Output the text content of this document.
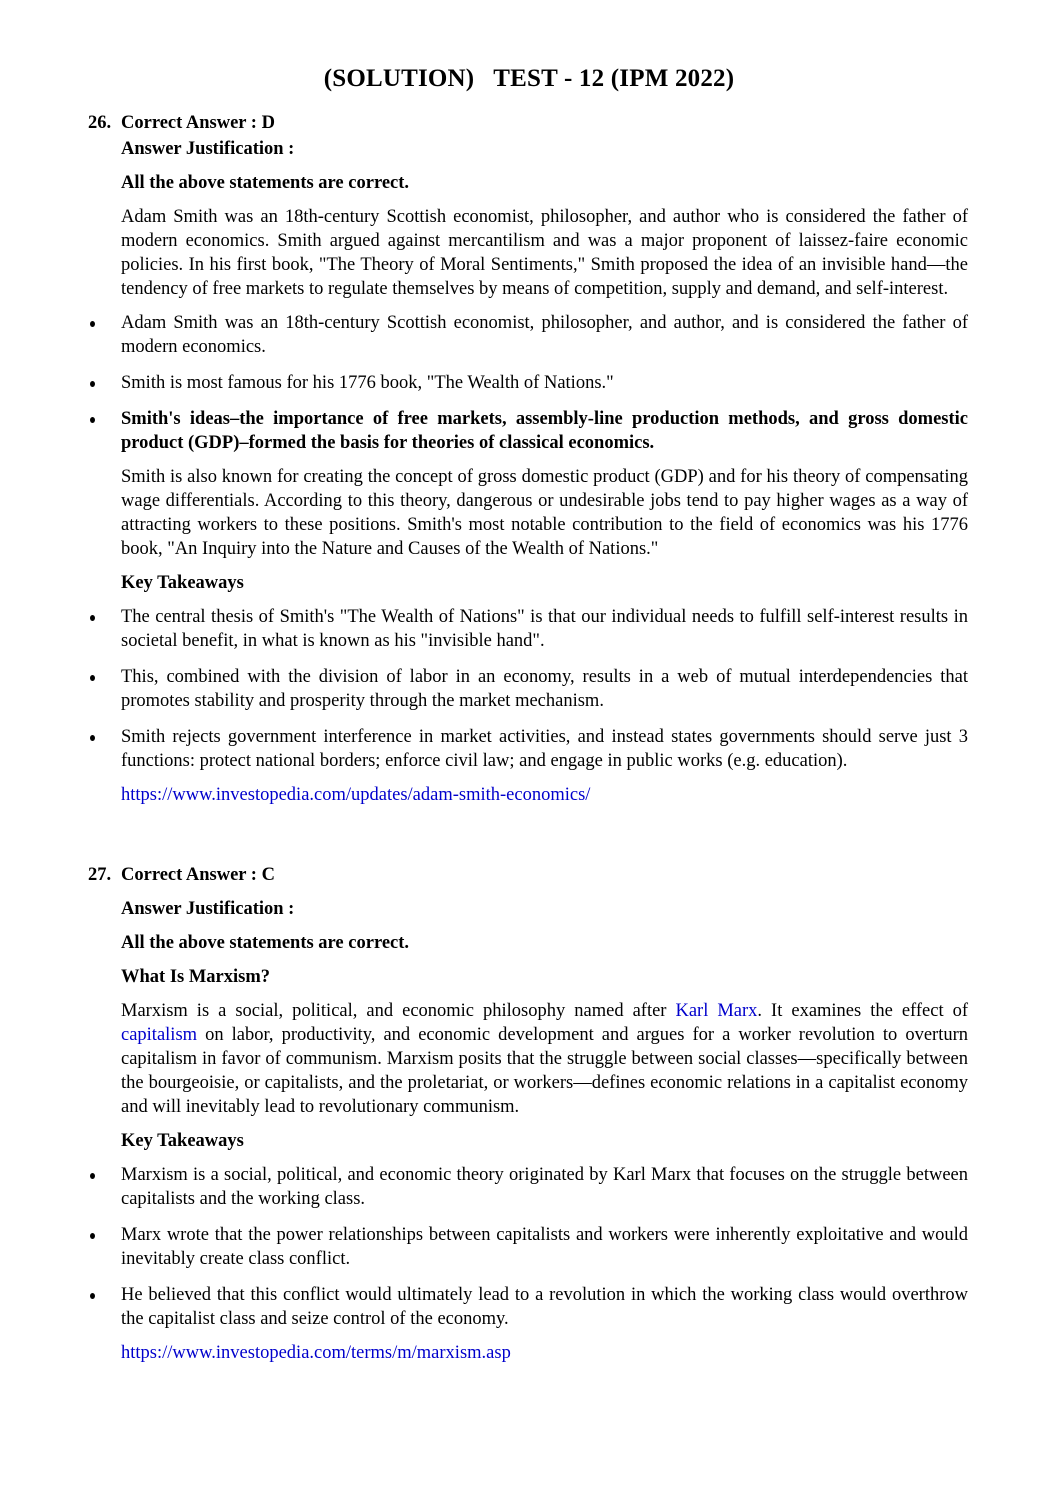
(SOLUTION)   TEST - 12 (IPM 2022)
26. Correct Answer : D
Answer Justification :
All the above statements are correct.
Adam Smith was an 18th-century Scottish economist, philosopher, and author who is considered the father of modern economics. Smith argued against mercantilism and was a major proponent of laissez-faire economic policies. In his first book, "The Theory of Moral Sentiments," Smith proposed the idea of an invisible hand—the tendency of free markets to regulate themselves by means of competition, supply and demand, and self-interest.
Adam Smith was an 18th-century Scottish economist, philosopher, and author, and is considered the father of modern economics.
Smith is most famous for his 1776 book, "The Wealth of Nations."
Smith's ideas–the importance of free markets, assembly-line production methods, and gross domestic product (GDP)–formed the basis for theories of classical economics.
Smith is also known for creating the concept of gross domestic product (GDP) and for his theory of compensating wage differentials. According to this theory, dangerous or undesirable jobs tend to pay higher wages as a way of attracting workers to these positions. Smith's most notable contribution to the field of economics was his 1776 book, "An Inquiry into the Nature and Causes of the Wealth of Nations."
Key Takeaways
The central thesis of Smith's "The Wealth of Nations" is that our individual needs to fulfill self-interest results in societal benefit, in what is known as his "invisible hand".
This, combined with the division of labor in an economy, results in a web of mutual interdependencies that promotes stability and prosperity through the market mechanism.
Smith rejects government interference in market activities, and instead states governments should serve just 3 functions: protect national borders; enforce civil law; and engage in public works (e.g. education).
https://www.investopedia.com/updates/adam-smith-economics/
27. Correct Answer : C
Answer Justification :
All the above statements are correct.
What Is Marxism?
Marxism is a social, political, and economic philosophy named after Karl Marx. It examines the effect of capitalism on labor, productivity, and economic development and argues for a worker revolution to overturn capitalism in favor of communism. Marxism posits that the struggle between social classes—specifically between the bourgeoisie, or capitalists, and the proletariat, or workers—defines economic relations in a capitalist economy and will inevitably lead to revolutionary communism.
Key Takeaways
Marxism is a social, political, and economic theory originated by Karl Marx that focuses on the struggle between capitalists and the working class.
Marx wrote that the power relationships between capitalists and workers were inherently exploitative and would inevitably create class conflict.
He believed that this conflict would ultimately lead to a revolution in which the working class would overthrow the capitalist class and seize control of the economy.
https://www.investopedia.com/terms/m/marxism.asp
